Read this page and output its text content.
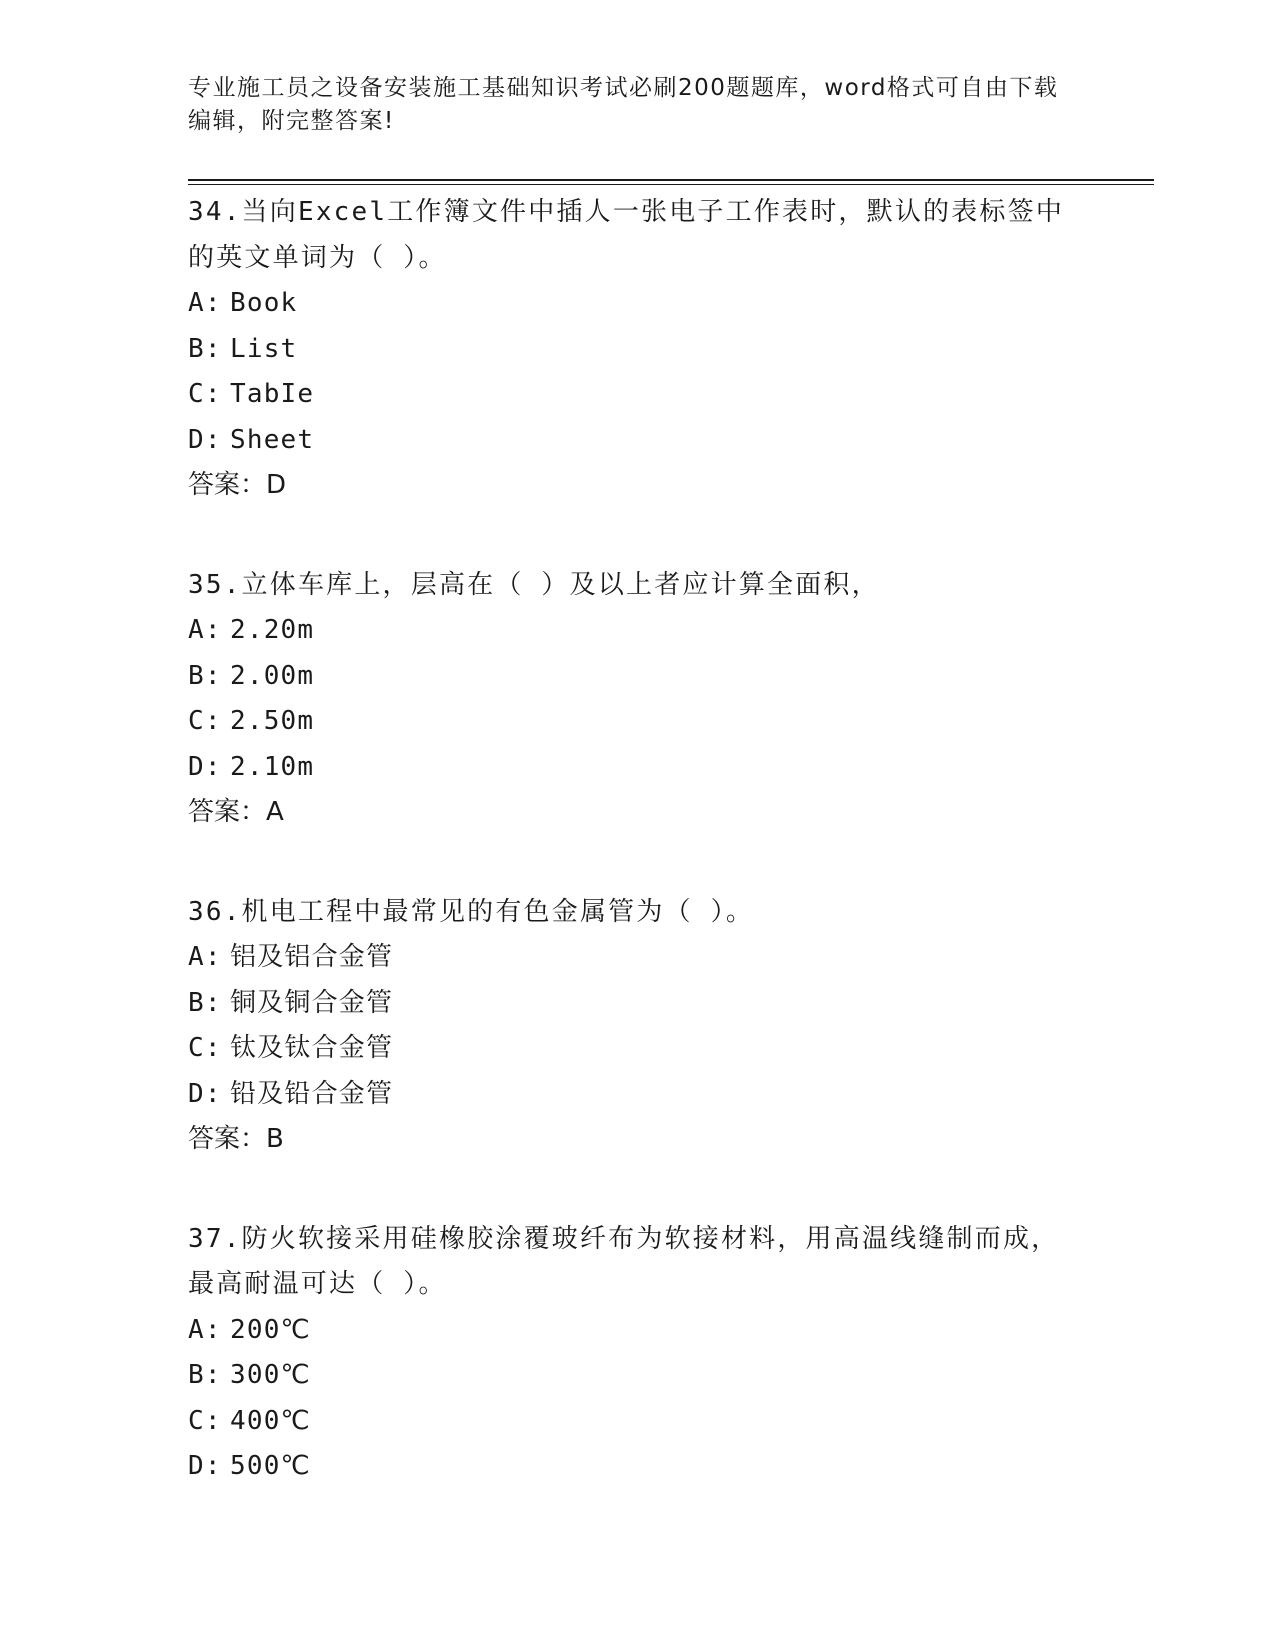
专业施工员之设备安装施工基础知识考试必刷200题题库，word格式可自由下载
编辑，附完整答案!
34.当向Excel工作簿文件中插人一张电子工作表时，默认的表标签中
的英文单词为（ ）。
A: Book
B: List
C: TabIe
D: Sheet
答案：D
35.立体车库上，层高在（ ）及以上者应计算全面积，
A: 2.20m
B: 2.00m
C: 2.50m
D: 2.10m
答案：A
36.机电工程中最常见的有色金属管为（ ）。
A: 铝及铝合金管
B: 铜及铜合金管
C: 钛及钛合金管
D: 铅及铅合金管
答案：B
37.防火软接采用硅橡胶涂覆玻纤布为软接材料，用高温线缝制而成，
最高耐温可达（ ）。
A: 200℃
B: 300℃
C: 400℃
D: 500℃
